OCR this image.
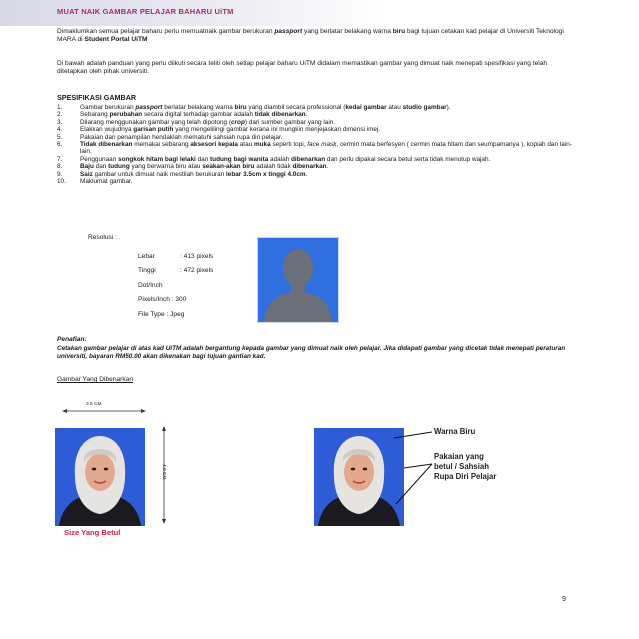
MUAT NAIK GAMBAR PELAJAR BAHARU UiTM
Dimaklumkan semua pelajar baharu perlu memuatnaik gambar berukuran passport yang berlatar belakang warna biru bagi tujuan cetakan kad pelajar di Universiti Teknologi MARA di Student Portal UiTM
Di bawah adalah panduan yang perlu diikuti secara teliti oleh setiap pelajar baharu UiTM didalam memastikan gambar yang dimuat naik menepati spesifikasi yang telah ditetapkan oleh pihak universiti.
SPESIFIKASI GAMBAR
1.	Gambar berukuran passport berlatar belakang warna biru yang diambil secara professional (kedai gambar atau studio gambar).
2.	Sebarang perubahan secara digital terhadap gambar adalah tidak dibenarkan.
3.	Dilarang menggunakan gambar yang telah dipotong (crop) dari sumber gambar yang lain.
4.	Elakkan wujudnya garisan putih yang mengelilingi gambar kerana ini mungkin menjejaskan dimensi imej.
5.	Pakaian dan penampilan hendaklah mematuhi sahsiah rupa diri pelajar.
6.	Tidak dibenarkan memakai sebarang aksesori kepala atau muka seperti topi, face mask, cermin mata berfesyen ( cermin mata hitam dan seumpamanya ), kopiah dan lain-lain.
7.	Penggunaan songkok hitam bagi lelaki dan tudung bagi wanita adalah dibenarkan dan perlu dipakai secara betul serta tidak menutup wajah.
8.	Baju dan tudung yang berwarna biru atau seakan-akan biru adalah tidak dibenarkan.
9.	Saiz gambar untuk dimuat naik mestilah berukuran lebar 3.5cm x tinggi 4.0cm.
10. Maklumat gambar.
Resolusi :
Lebar	: 413 pixels
Tinggi	: 472 pixels
Dot/Inch
Pixels/Inch : 300
File Type : Jpeg
Penafian:
Cetakan gambar pelajar di atas kad UiTM adalah bergantung kepada gambar yang dimuat naik oleh pelajar. Jika didapati gambar yang dicetak tidak menepati peraturan universiti, bayaran RM50.00 akan dikenakan bagi tujuan gantian kad.
Gambar Yang Dibenarkan
3.5 CM
4.0 CM
Size Yang Betul
Warna Biru
Pakaian yang
betul / Sahsiah
Rupa Diri Pelajar
9
